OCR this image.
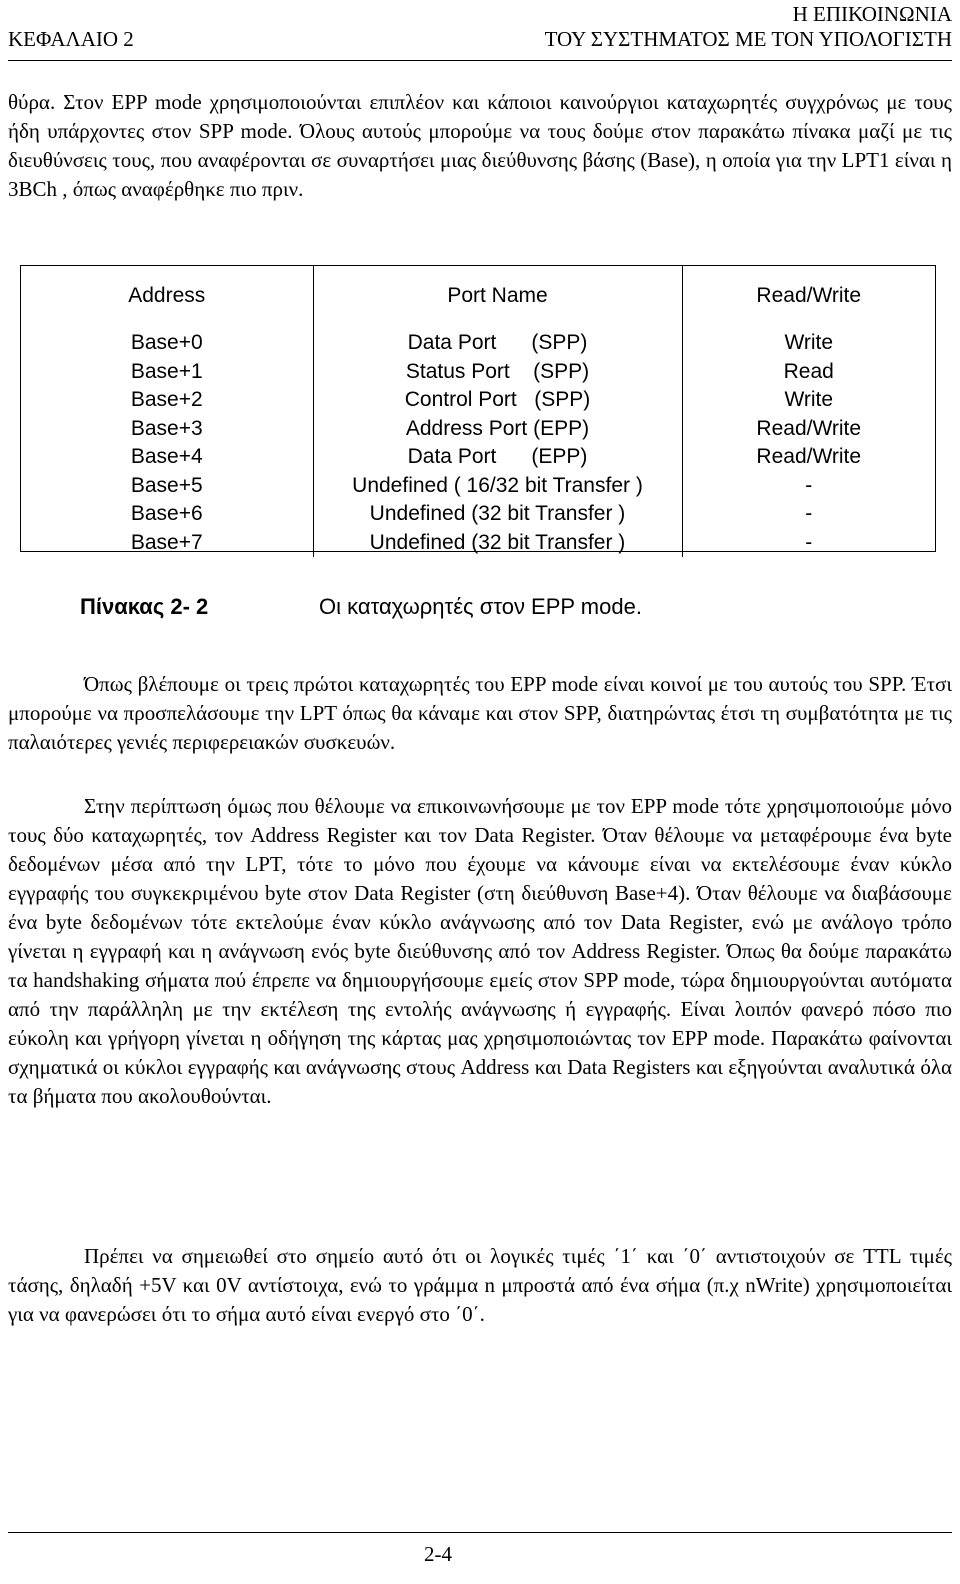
ΚΕΦΑΛΑΙΟ 2
Η ΕΠΙΚΟΙΝΩΝΙΑ
ΤΟΥ ΣΥΣΤΗΜΑΤΟΣ ΜΕ ΤΟΝ ΥΠΟΛΟΓΙΣΤΗ

θύρα. Στον EPP mode χρησιμοποιούνται επιπλέον και κάποιοι καινούργιοι καταχωρητές συγχρόνως με τους ήδη υπάρχοντες στον SPP mode. Όλους αυτούς μπορούμε να τους δούμε στον παρακάτω πίνακα μαζί με τις διευθύνσεις τους, που αναφέρονται σε συναρτήσει μιας διεύθυνσης βάσης (Base), η οποία για την LPT1 είναι η 3BCh , όπως αναφέρθηκε πιο πριν.

Address	Port Name	Read/Write
Base+0	Data Port      (SPP)	Write
Base+1	Status Port    (SPP)	Read
Base+2	Control Port   (SPP)	Write
Base+3	Address Port (EPP)	Read/Write
Base+4	Data Port      (EPP)	Read/Write
Base+5	Undefined ( 16/32 bit Transfer )	-
Base+6	Undefined (32 bit Transfer )	-
Base+7	Undefined (32 bit Transfer )	-
Πίνακας 2- 2	Οι καταχωρητές στον EPP mode.

Όπως βλέπουμε οι τρεις πρώτοι καταχωρητές του EPP mode είναι κοινοί με του αυτούς του SPP. Έτσι μπορούμε να προσπελάσουμε την LPT όπως θα κάναμε και στον SPP, διατηρώντας έτσι τη συμβατότητα με τις παλαιότερες γενιές περιφερειακών συσκευών.

Στην περίπτωση όμως που θέλουμε να επικοινωνήσουμε με τον EPP mode τότε χρησιμοποιούμε μόνο τους δύο καταχωρητές, τον Address Register και τον Data Register. Όταν θέλουμε να μεταφέρουμε ένα byte δεδομένων μέσα από την LPT, τότε το μόνο που έχουμε να κάνουμε είναι να εκτελέσουμε έναν κύκλο εγγραφής του συγκεκριμένου byte στον Data Register (στη διεύθυνση Base+4). Όταν θέλουμε να διαβάσουμε ένα byte δεδομένων τότε εκτελούμε έναν κύκλο ανάγνωσης από τον Data Register, ενώ με ανάλογο τρόπο γίνεται η εγγραφή και η ανάγνωση ενός byte διεύθυνσης από τον Address Register. Όπως θα δούμε παρακάτω τα handshaking σήματα πού έπρεπε να δημιουργήσουμε εμείς στον SPP mode, τώρα δημιουργούνται αυτόματα από την παράλληλη με την εκτέλεση της εντολής ανάγνωσης ή εγγραφής. Είναι λοιπόν φανερό πόσο πιο εύκολη και γρήγορη γίνεται η οδήγηση της κάρτας μας χρησιμοποιώντας τον EPP mode. Παρακάτω φαίνονται σχηματικά οι κύκλοι εγγραφής και ανάγνωσης στους Address και Data Registers και εξηγούνται αναλυτικά όλα τα βήματα που ακολουθούνται.

Πρέπει να σημειωθεί στο σημείο αυτό ότι οι λογικές τιμές ΄1΄ και ΄0΄ αντιστοιχούν σε TTL τιμές τάσης, δηλαδή +5V και 0V αντίστοιχα, ενώ το γράμμα n μπροστά από ένα σήμα (π.χ nWrite) χρησιμοποιείται για να φανερώσει ότι το σήμα αυτό είναι ενεργό στο ΄0΄.

2-4
